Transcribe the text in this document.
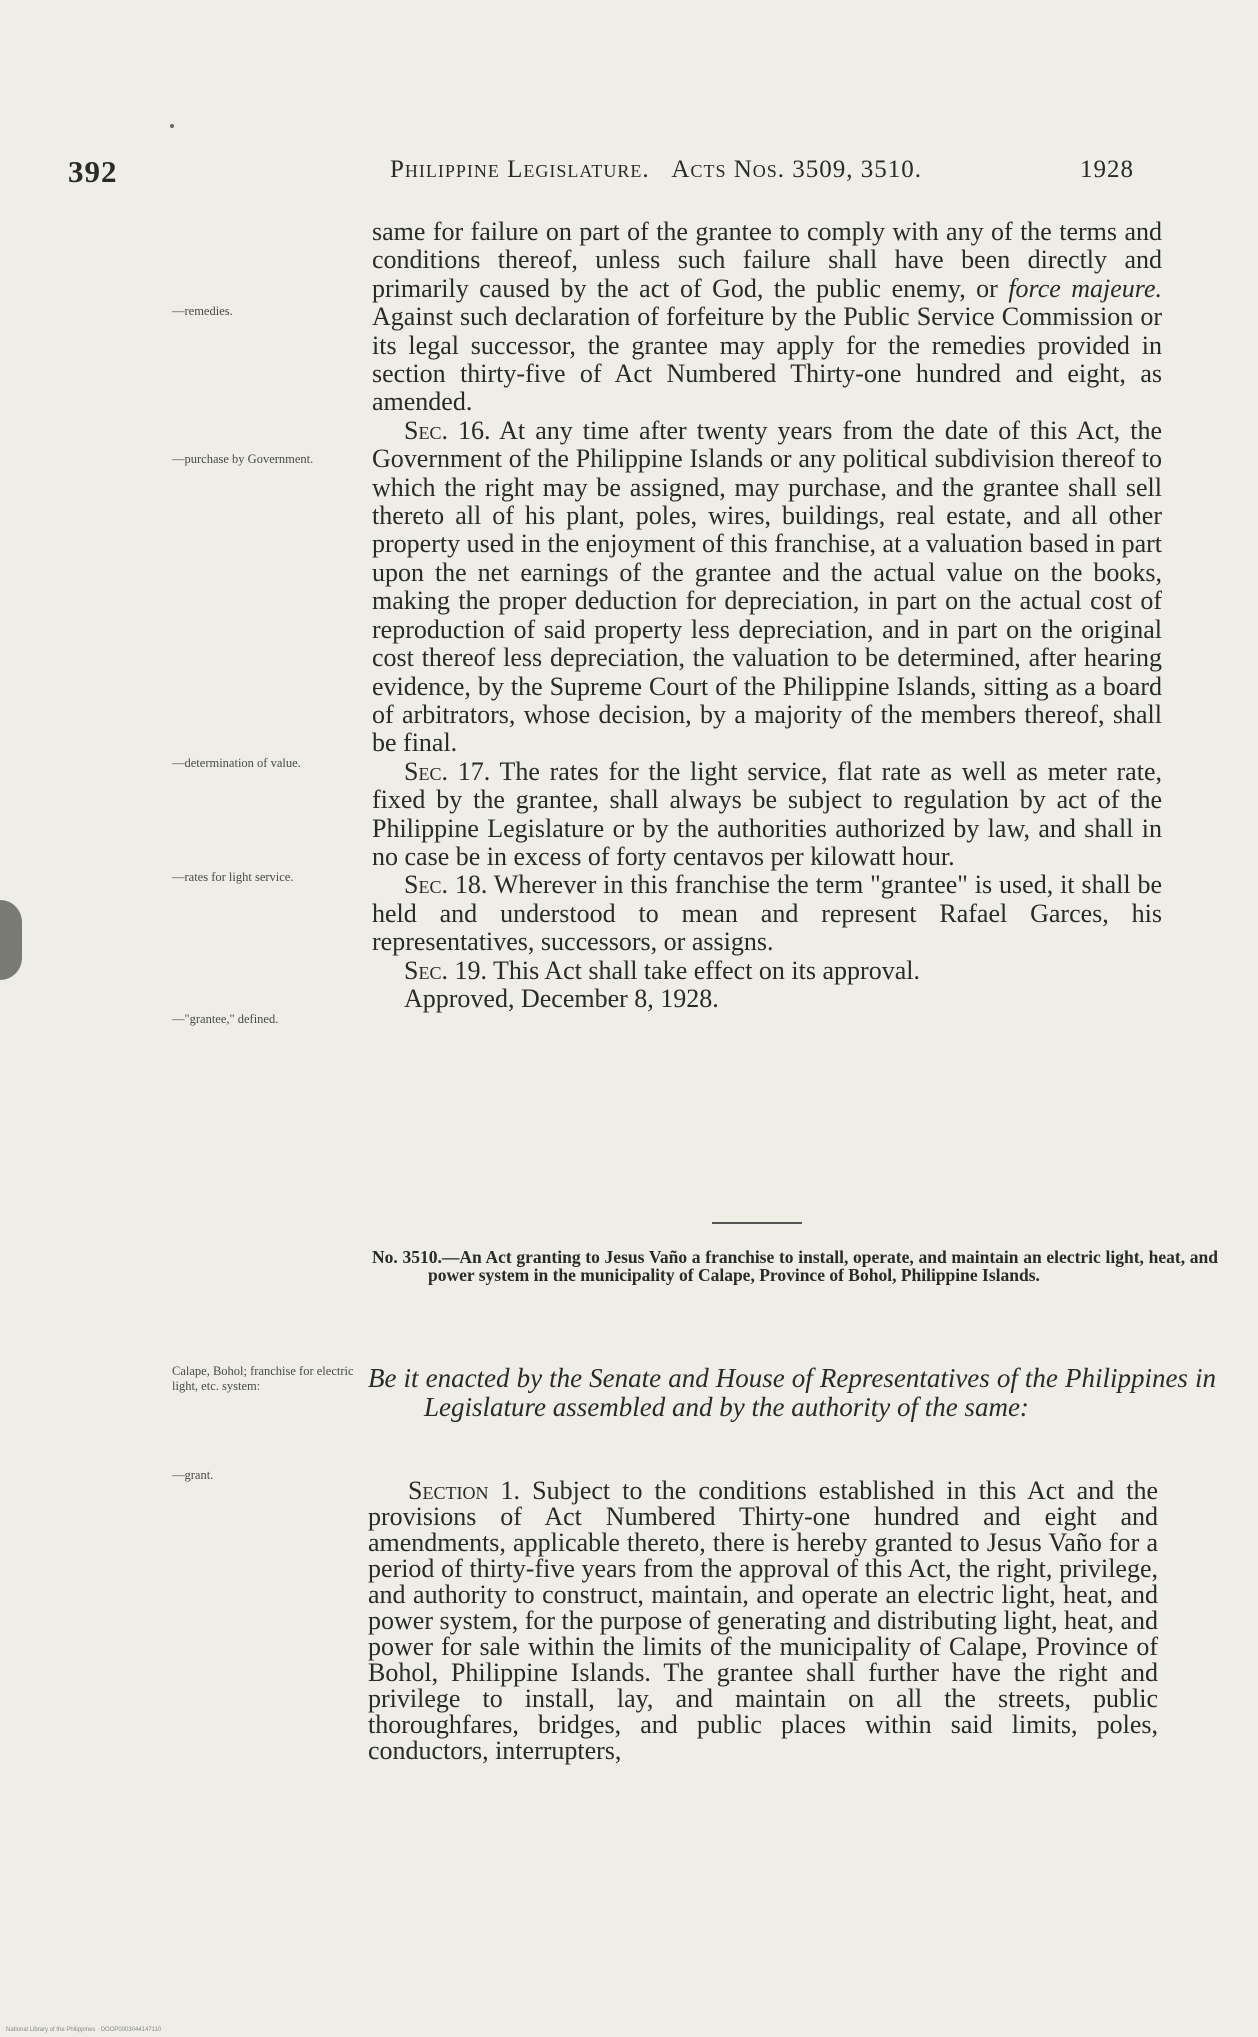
392	Philippine Legislature. Acts Nos. 3509, 3510.	1928
—remedies.
—purchase by Government.
—determination of value.
—rates for light service.
—"grantee," defined.
Calape, Bohol; franchise for electric light, etc. system:
—grant.

same for failure on part of the grantee to comply with any of the terms and conditions thereof, unless such failure shall have been directly and primarily caused by the act of God, the public enemy, or force majeure. Against such declaration of forfeiture by the Public Service Commission or its legal successor, the grantee may apply for the remedies provided in section thirty-five of Act Numbered Thirty-one hundred and eight, as amended.

Sec. 16. At any time after twenty years from the date of this Act, the Government of the Philippine Islands or any political subdivision thereof to which the right may be assigned, may purchase, and the grantee shall sell thereto all of his plant, poles, wires, buildings, real estate, and all other property used in the enjoyment of this franchise, at a valuation based in part upon the net earnings of the grantee and the actual value on the books, making the proper deduction for depreciation, in part on the actual cost of reproduction of said property less depreciation, and in part on the original cost thereof less depreciation, the valuation to be determined, after hearing evidence, by the Supreme Court of the Philippine Islands, sitting as a board of arbitrators, whose decision, by a majority of the members thereof, shall be final.

Sec. 17. The rates for the light service, flat rate as well as meter rate, fixed by the grantee, shall always be subject to regulation by act of the Philippine Legislature or by the authorities authorized by law, and shall in no case be in excess of forty centavos per kilowatt hour.

Sec. 18. Wherever in this franchise the term "grantee" is used, it shall be held and understood to mean and represent Rafael Garces, his representatives, successors, or assigns.

Sec. 19. This Act shall take effect on its approval.

Approved, December 8, 1928.

No. 3510.—An Act granting to Jesus Vaño a franchise to install, operate, and maintain an electric light, heat, and power system in the municipality of Calape, Province of Bohol, Philippine Islands.
Be it enacted by the Senate and House of Representatives of the Philippines in Legislature assembled and by the authority of the same:
Section 1. Subject to the conditions established in this Act and the provisions of Act Numbered Thirty-one hundred and eight and amendments, applicable thereto, there is hereby granted to Jesus Vaño for a period of thirty-five years from the approval of this Act, the right, privilege, and authority to construct, maintain, and operate an electric light, heat, and power system, for the purpose of generating and distributing light, heat, and power for sale within the limits of the municipality of Calape, Province of Bohol, Philippine Islands. The grantee shall further have the right and privilege to install, lay, and maintain on all the streets, public thoroughfares, bridges, and public places within said limits, poles, conductors, interrupters,
National Library of the Philippines · DOOP0003044147110
